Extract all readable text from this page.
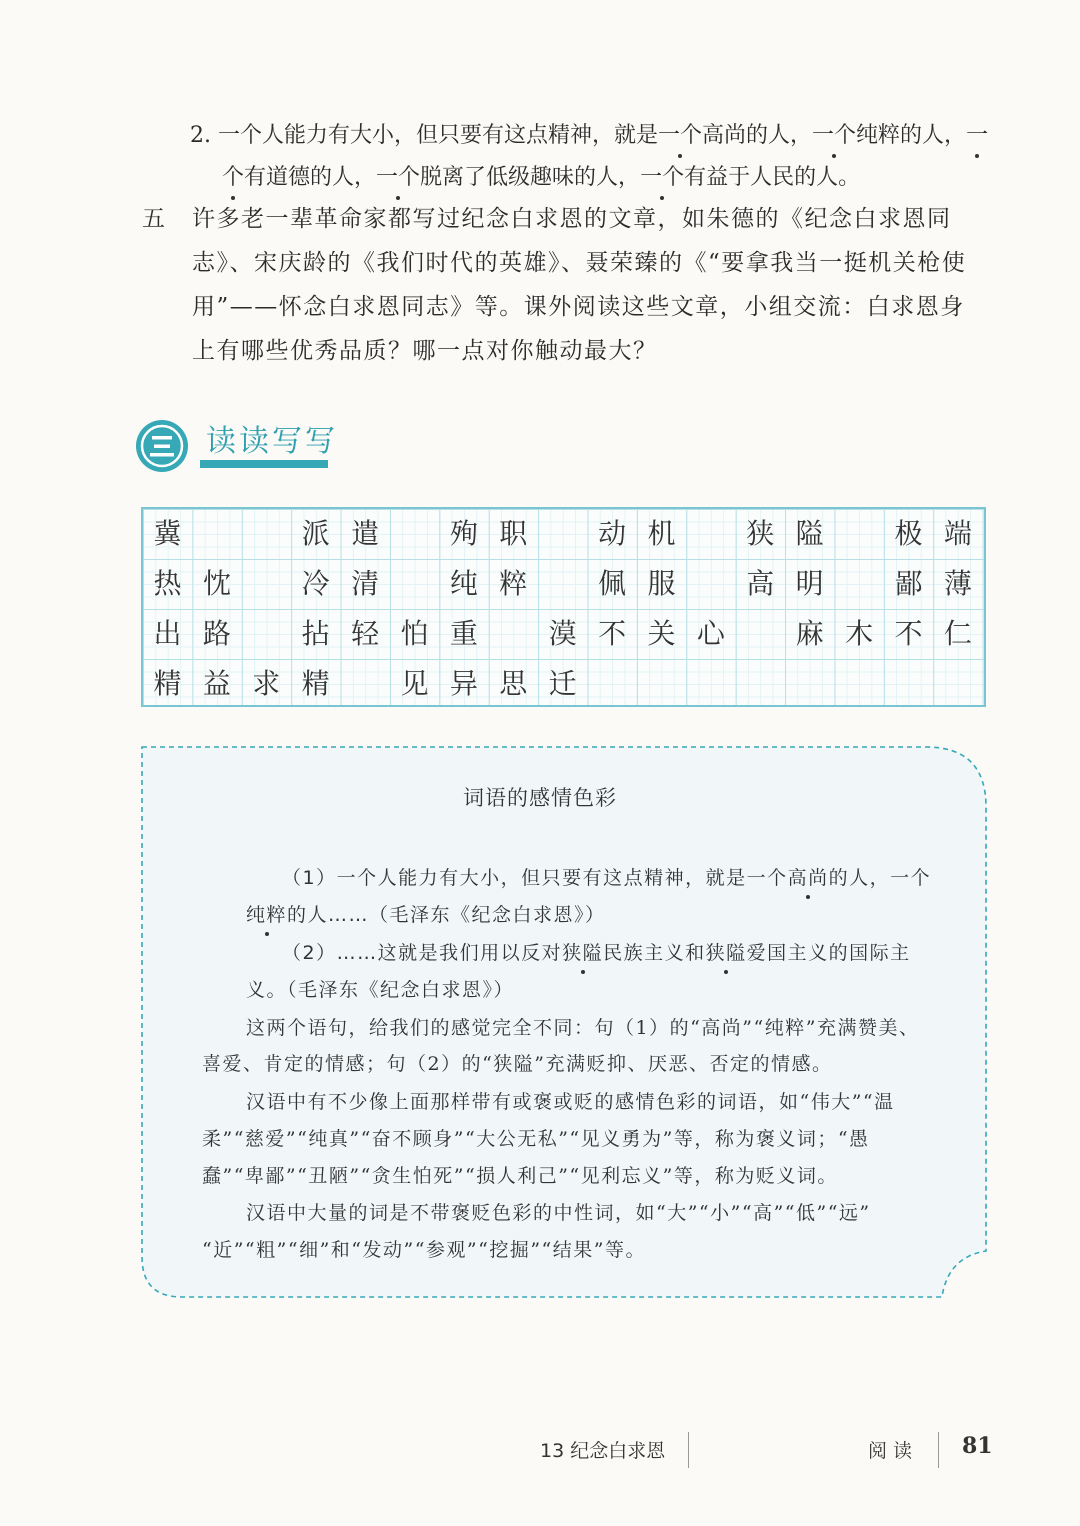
2. 一个人能力有大小，但只要有这点精神，就是一个高尚的人，一个纯粹的人，一
个有道德的人，一个脱离了低级趣味的人，一个有益于人民的人。
五 许多老一辈革命家都写过纪念白求恩的文章，如朱德的《纪念白求恩同
志》、宋庆龄的《我们时代的英雄》、聂荣臻的《“要拿我当一挺机关枪使
用”——怀念白求恩同志》等。课外阅读这些文章，小组交流：白求恩身
上有哪些优秀品质？哪一点对你触动最大？
读读写写
冀	派 遣	殉 职	动 机	狭 隘	极 端
热 忱	冷 清	纯 粹	佩 服	高 明	鄙 薄
出 路	拈 轻 怕 重	漠 不 关 心	麻 木 不 仁
精 益 求 精	见 异 思 迁
词语的感情色彩
（1）一个人能力有大小，但只要有这点精神，就是一个高尚的人，一个
纯粹的人……（毛泽东《纪念白求恩》）
（2）……这就是我们用以反对狭隘民族主义和狭隘爱国主义的国际主
义。（毛泽东《纪念白求恩》）
这两个语句，给我们的感觉完全不同：句（1）的“高尚”“纯粹”充满赞美、
喜爱、肯定的情感；句（2）的“狭隘”充满贬抑、厌恶、否定的情感。
汉语中有不少像上面那样带有或褒或贬的感情色彩的词语，如“伟大”“温
柔”“慈爱”“纯真”“奋不顾身”“大公无私”“见义勇为”等，称为褒义词；“愚
蠢”“卑鄙”“丑陋”“贪生怕死”“损人利己”“见利忘义”等，称为贬义词。
汉语中大量的词是不带褒贬色彩的中性词，如“大”“小”“高”“低”“远”
“近”“粗”“细”和“发动”“参观”“挖掘”“结果”等。
13 纪念白求恩	阅 读 81
